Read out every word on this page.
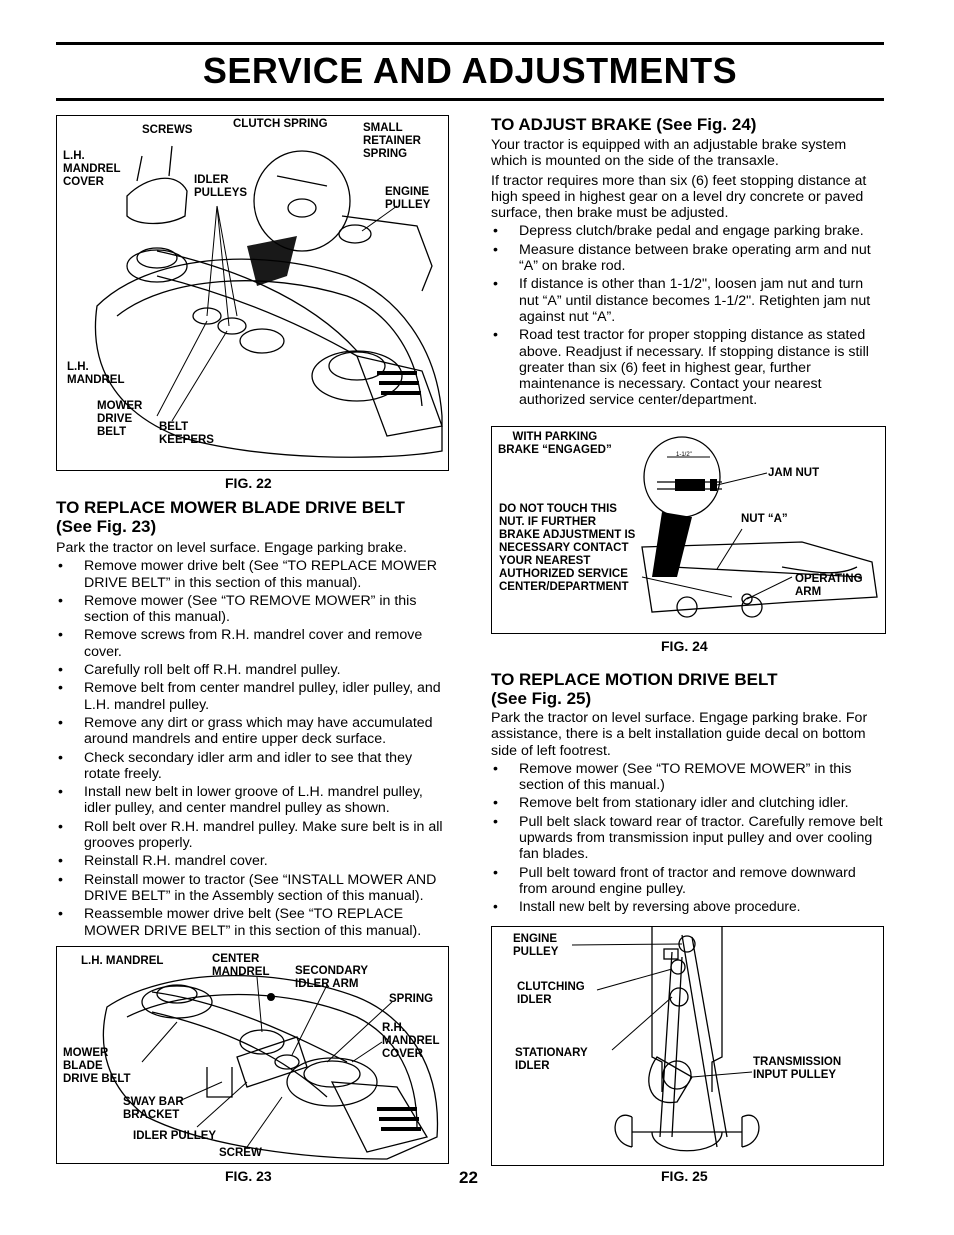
SERVICE AND ADJUSTMENTS
SCREWS	CLUTCH SPRING	SMALL
RETAINER
SPRING
L.H.
MANDREL
COVER	IDLER
PULLEYS	ENGINE
PULLEY
L.H.
MANDREL
MOWER
DRIVE
BELT	BELT
KEEPERS
FIG. 22
TO REPLACE MOWER BLADE DRIVE BELT
(See Fig. 23)

Park the tractor on level surface. Engage parking brake.

• Remove mower drive belt (See “TO REPLACE MOWER DRIVE BELT” in this section of this manual).
• Remove mower (See “TO REMOVE MOWER” in this section of this manual).
• Remove screws from R.H. mandrel cover and remove cover.
• Carefully roll belt off R.H. mandrel pulley.
• Remove belt from center mandrel pulley, idler pulley, and L.H. mandrel pulley.
• Remove any dirt or grass which may have accumulated around mandrels and entire upper deck surface.
• Check secondary idler arm and idler to see that they rotate freely.
• Install new belt in lower groove of L.H. mandrel pulley, idler pulley, and center mandrel pulley as shown.
• Roll belt over R.H. mandrel pulley. Make sure belt is in all grooves properly.
• Reinstall R.H. mandrel cover.
• Reinstall mower to tractor (See “INSTALL MOWER AND DRIVE BELT” in the Assembly section of this manual).
• Reassemble mower drive belt (See “TO REPLACE MOWER DRIVE BELT” in this section of this manual).
L.H. MANDREL	CENTER
MANDREL SECONDARY
IDLER ARM
SPRING
R.H.
MANDREL
COVER
MOWER
BLADE
DRIVE BELT
SWAY BAR
BRACKET
IDLER PULLEY
SCREW
FIG. 23
TO ADJUST BRAKE (See Fig. 24)

Your tractor is equipped with an adjustable brake system which is mounted on the side of the transaxle.

If tractor requires more than six (6) feet stopping distance at high speed in highest gear on a level dry concrete or paved surface, then brake must be adjusted.

• Depress clutch/brake pedal and engage parking brake.
• Measure distance between brake operating arm and nut “A” on brake rod.
• If distance is other than 1-1/2", loosen jam nut and turn nut “A” until distance becomes 1-1/2". Retighten jam nut against nut “A”.
• Road test tractor for proper stopping distance as stated above. Readjust if necessary. If stopping distance is still greater than six (6) feet in highest gear, further maintenance is necessary. Contact your nearest authorized service center/department.
WITH PARKING
BRAKE “ENGAGED”	1-1/2"
JAM NUT
DO NOT TOUCH THIS
NUT. IF FURTHER
BRAKE ADJUSTMENT IS
NECESSARY CONTACT
YOUR NEAREST
AUTHORIZED SERVICE
CENTER/DEPARTMENT
NUT “A”
OPERATING
ARM
FIG. 24
TO REPLACE MOTION DRIVE BELT
(See Fig. 25)

Park the tractor on level surface. Engage parking brake. For assistance, there is a belt installation guide decal on bottom side of left footrest.

• Remove mower (See “TO REMOVE MOWER” in this section of this manual.)
• Remove belt from stationary idler and clutching idler.
• Pull belt slack toward rear of tractor. Carefully remove belt upwards from transmission input pulley and over cooling fan blades.
• Pull belt toward front of tractor and remove downward from around engine pulley.
• Install new belt by reversing above procedure.
ENGINE
PULLEY
CLUTCHING
IDLER
STATIONARY
IDLER	TRANSMISSION
INPUT PULLEY
FIG. 25
22
